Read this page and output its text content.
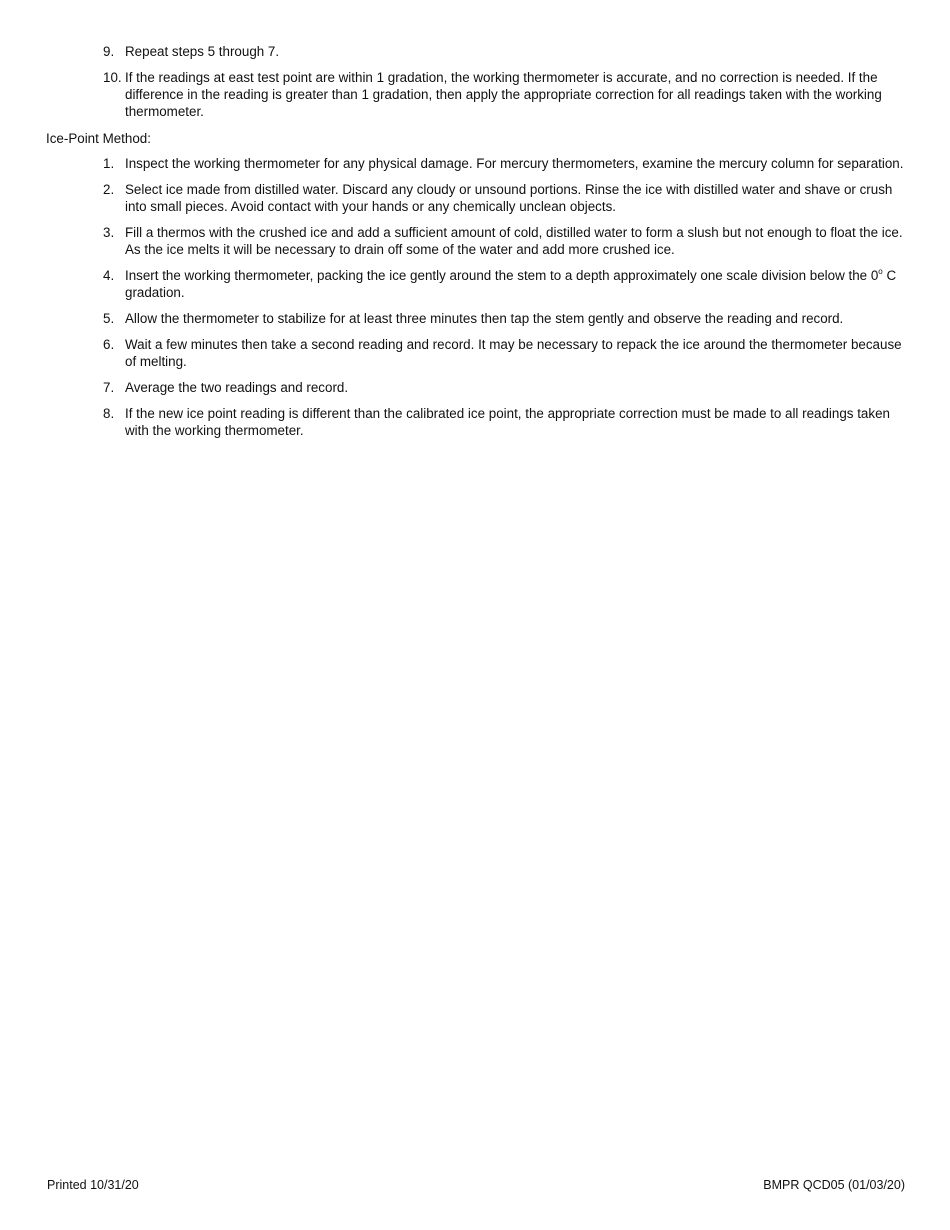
9. Repeat steps 5 through 7.
10. If the readings at east test point are within 1 gradation, the working thermometer is accurate, and no correction is needed. If the difference in the reading is greater than 1 gradation, then apply the appropriate correction for all readings taken with the working thermometer.
Ice-Point Method:
1. Inspect the working thermometer for any physical damage. For mercury thermometers, examine the mercury column for separation.
2. Select ice made from distilled water. Discard any cloudy or unsound portions. Rinse the ice with distilled water and shave or crush into small pieces. Avoid contact with your hands or any chemically unclean objects.
3. Fill a thermos with the crushed ice and add a sufficient amount of cold, distilled water to form a slush but not enough to float the ice. As the ice melts it will be necessary to drain off some of the water and add more crushed ice.
4. Insert the working thermometer, packing the ice gently around the stem to a depth approximately one scale division below the 0$^o$ C gradation.
5. Allow the thermometer to stabilize for at least three minutes then tap the stem gently and observe the reading and record.
6. Wait a few minutes then take a second reading and record. It may be necessary to repack the ice around the thermometer because of melting.
7. Average the two readings and record.
8. If the new ice point reading is different than the calibrated ice point, the appropriate correction must be made to all readings taken with the working thermometer.
Printed 10/31/20	BMPR QCD05 (01/03/20)
